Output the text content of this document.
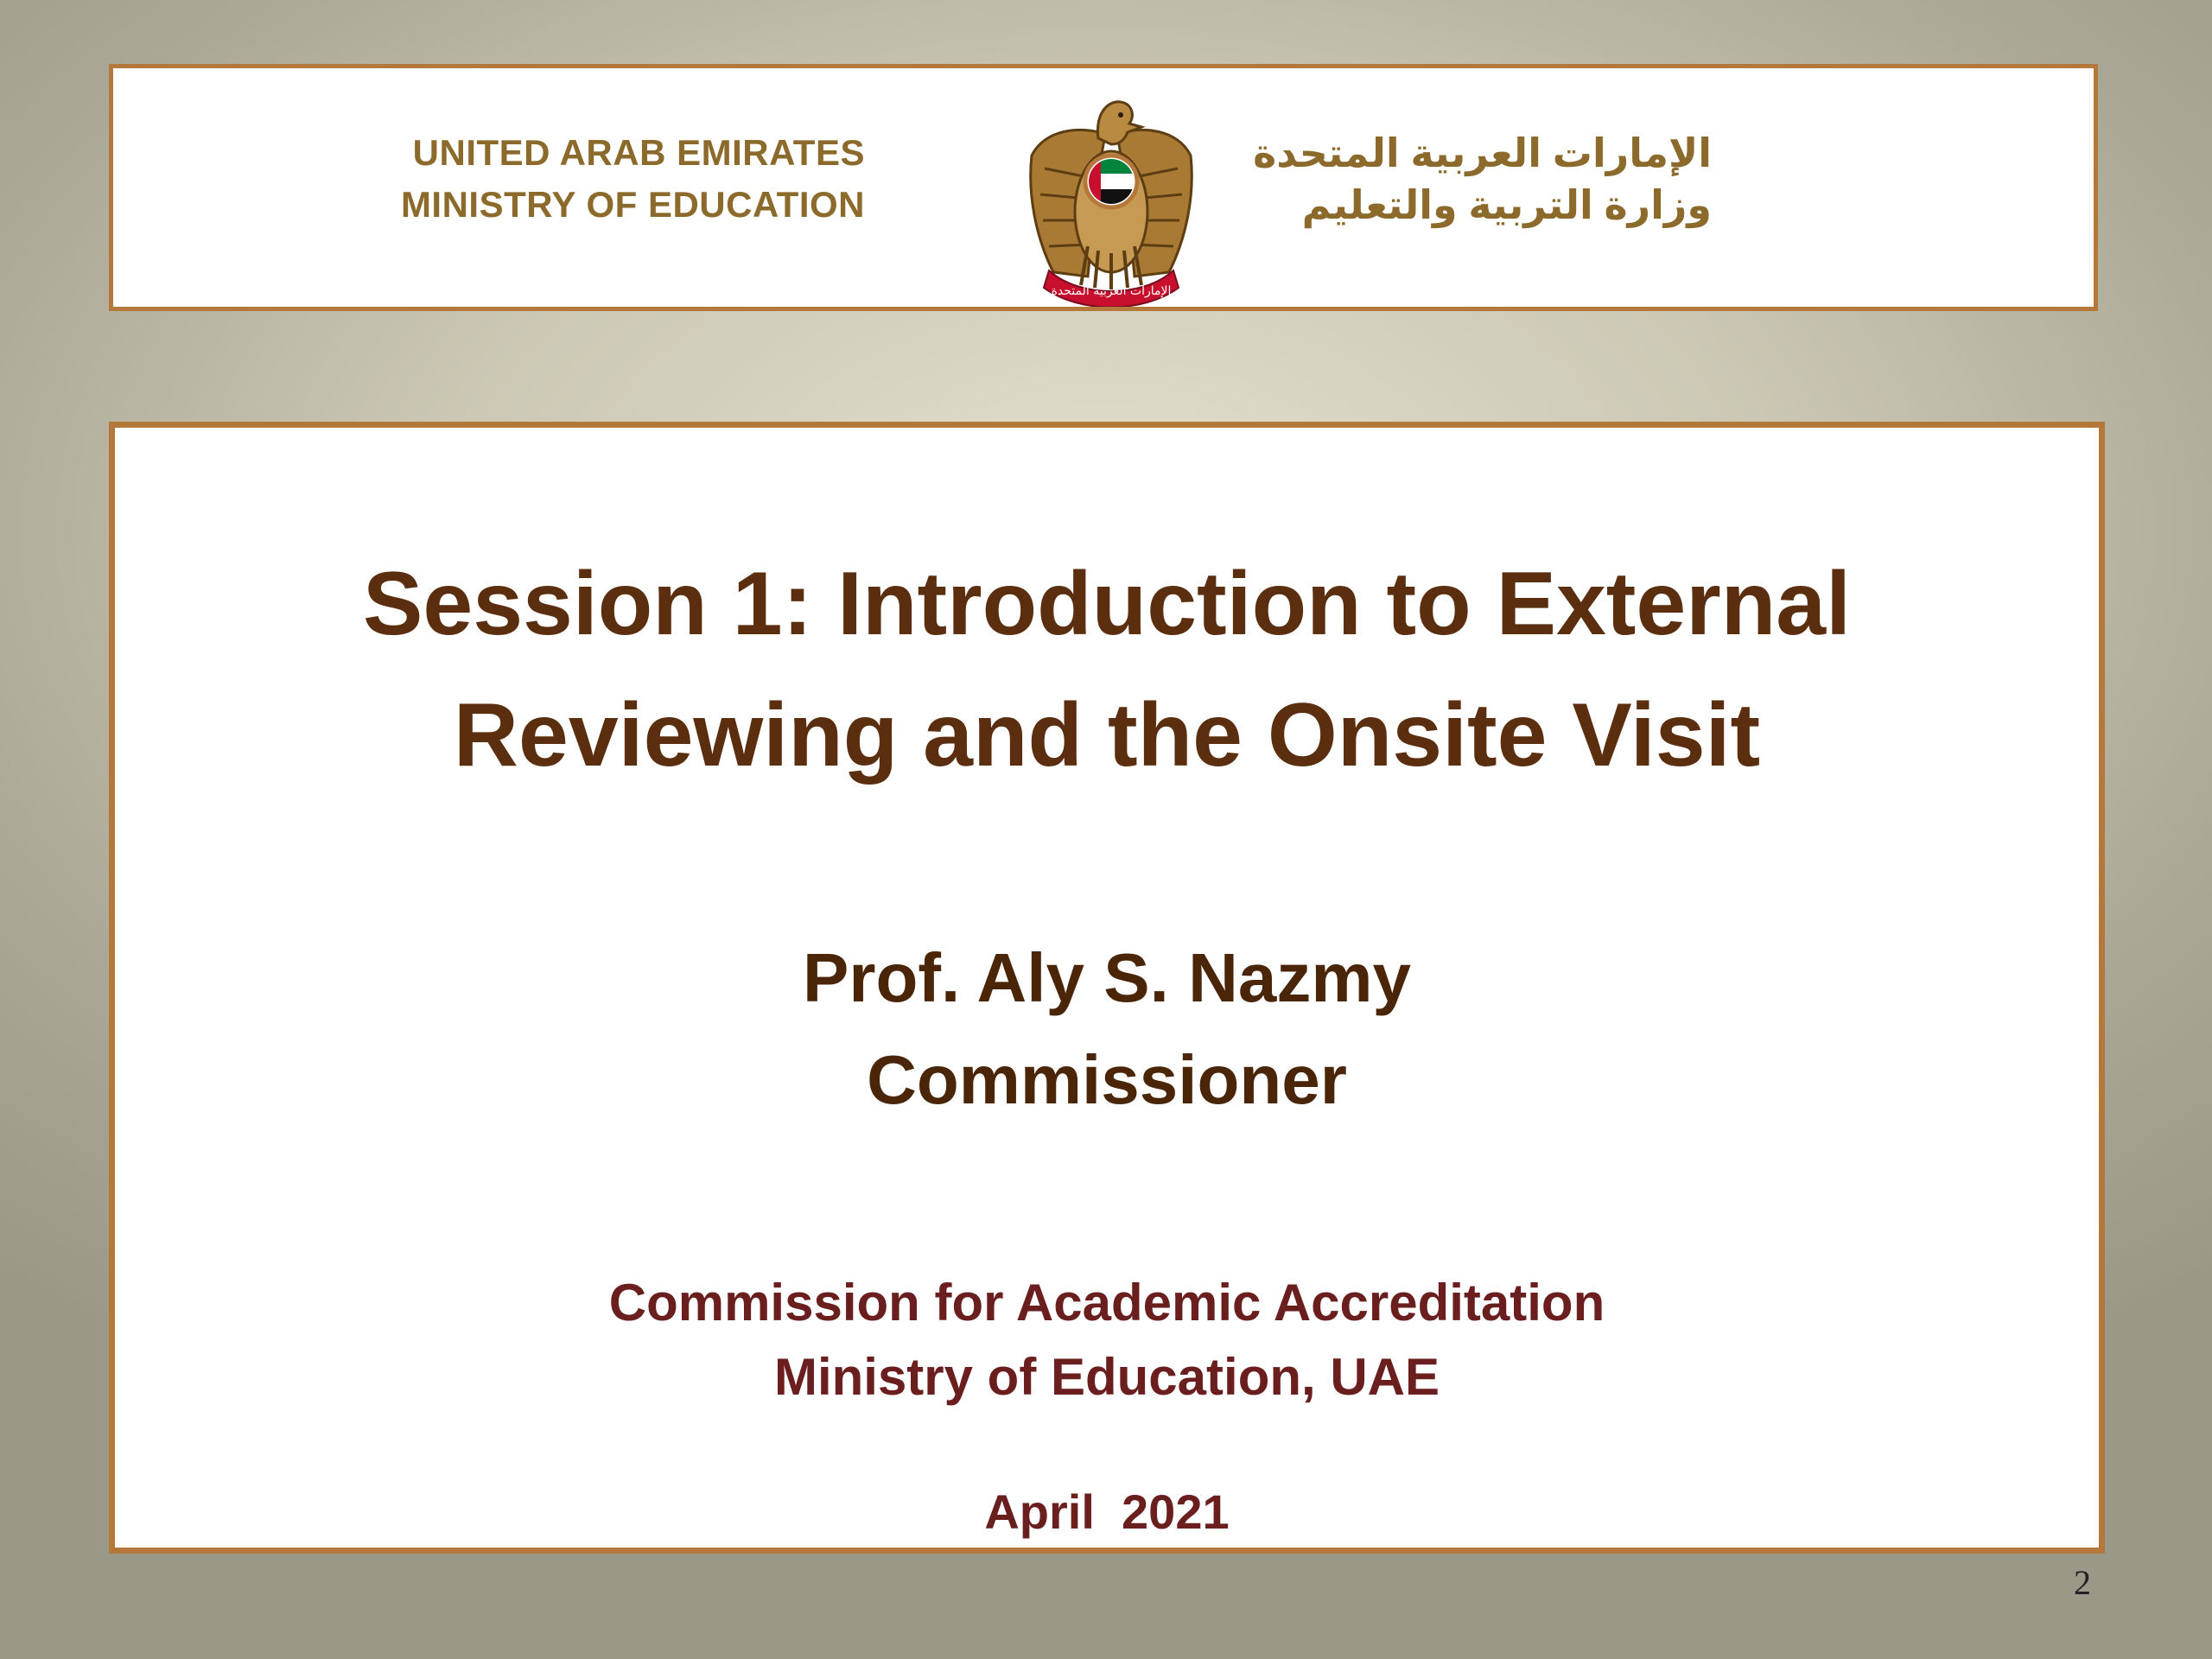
UNITED ARAB EMIRATES
MINISTRY OF EDUCATION
الإمارات العربية المتحدة
الإمارات العربية المتحدة
وزارة التربية والتعليم
Session 1: Introduction to External
Reviewing and the Onsite Visit
Prof. Aly S. Nazmy
Commissioner
Commission for Academic Accreditation
Ministry of Education, UAE
April  2021
2
